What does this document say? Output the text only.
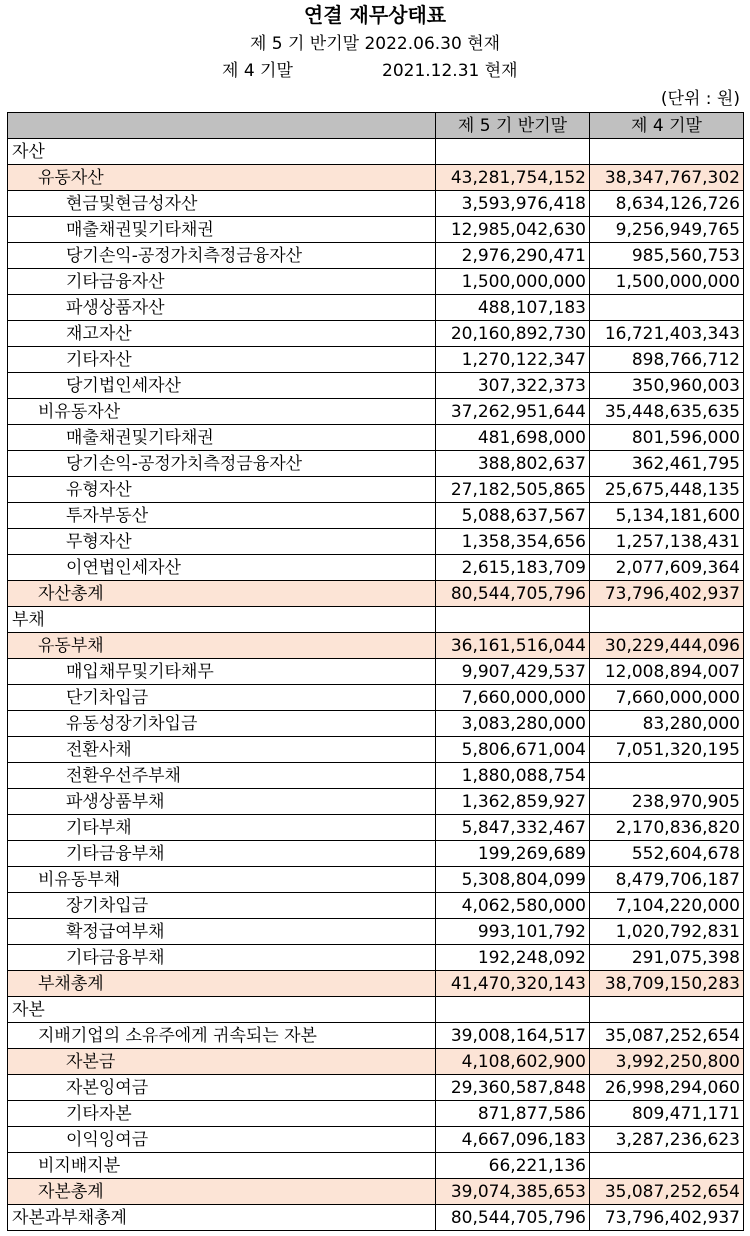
연결 재무상태표
제 5 기 반기말 2022.06.30 현재
제 4 기말	2021.12.31 현재
(단위 : 원)
	제 5 기 반기말	제 4 기말
자산		
유동자산	43,281,754,152	38,347,767,302
현금및현금성자산	3,593,976,418	8,634,126,726
매출채권및기타채권	12,985,042,630	9,256,949,765
당기손익-공정가치측정금융자산	2,976,290,471	985,560,753
기타금융자산	1,500,000,000	1,500,000,000
파생상품자산	488,107,183	
재고자산	20,160,892,730	16,721,403,343
기타자산	1,270,122,347	898,766,712
당기법인세자산	307,322,373	350,960,003
비유동자산	37,262,951,644	35,448,635,635
매출채권및기타채권	481,698,000	801,596,000
당기손익-공정가치측정금융자산	388,802,637	362,461,795
유형자산	27,182,505,865	25,675,448,135
투자부동산	5,088,637,567	5,134,181,600
무형자산	1,358,354,656	1,257,138,431
이연법인세자산	2,615,183,709	2,077,609,364
자산총계	80,544,705,796	73,796,402,937
부채		
유동부채	36,161,516,044	30,229,444,096
매입채무및기타채무	9,907,429,537	12,008,894,007
단기차입금	7,660,000,000	7,660,000,000
유동성장기차입금	3,083,280,000	83,280,000
전환사채	5,806,671,004	7,051,320,195
전환우선주부채	1,880,088,754	
파생상품부채	1,362,859,927	238,970,905
기타부채	5,847,332,467	2,170,836,820
기타금융부채	199,269,689	552,604,678
비유동부채	5,308,804,099	8,479,706,187
장기차입금	4,062,580,000	7,104,220,000
확정급여부채	993,101,792	1,020,792,831
기타금융부채	192,248,092	291,075,398
부채총계	41,470,320,143	38,709,150,283
자본		
지배기업의 소유주에게 귀속되는 자본	39,008,164,517	35,087,252,654
자본금	4,108,602,900	3,992,250,800
자본잉여금	29,360,587,848	26,998,294,060
기타자본	871,877,586	809,471,171
이익잉여금	4,667,096,183	3,287,236,623
비지배지분	66,221,136	
자본총계	39,074,385,653	35,087,252,654
자본과부채총계	80,544,705,796	73,796,402,937
